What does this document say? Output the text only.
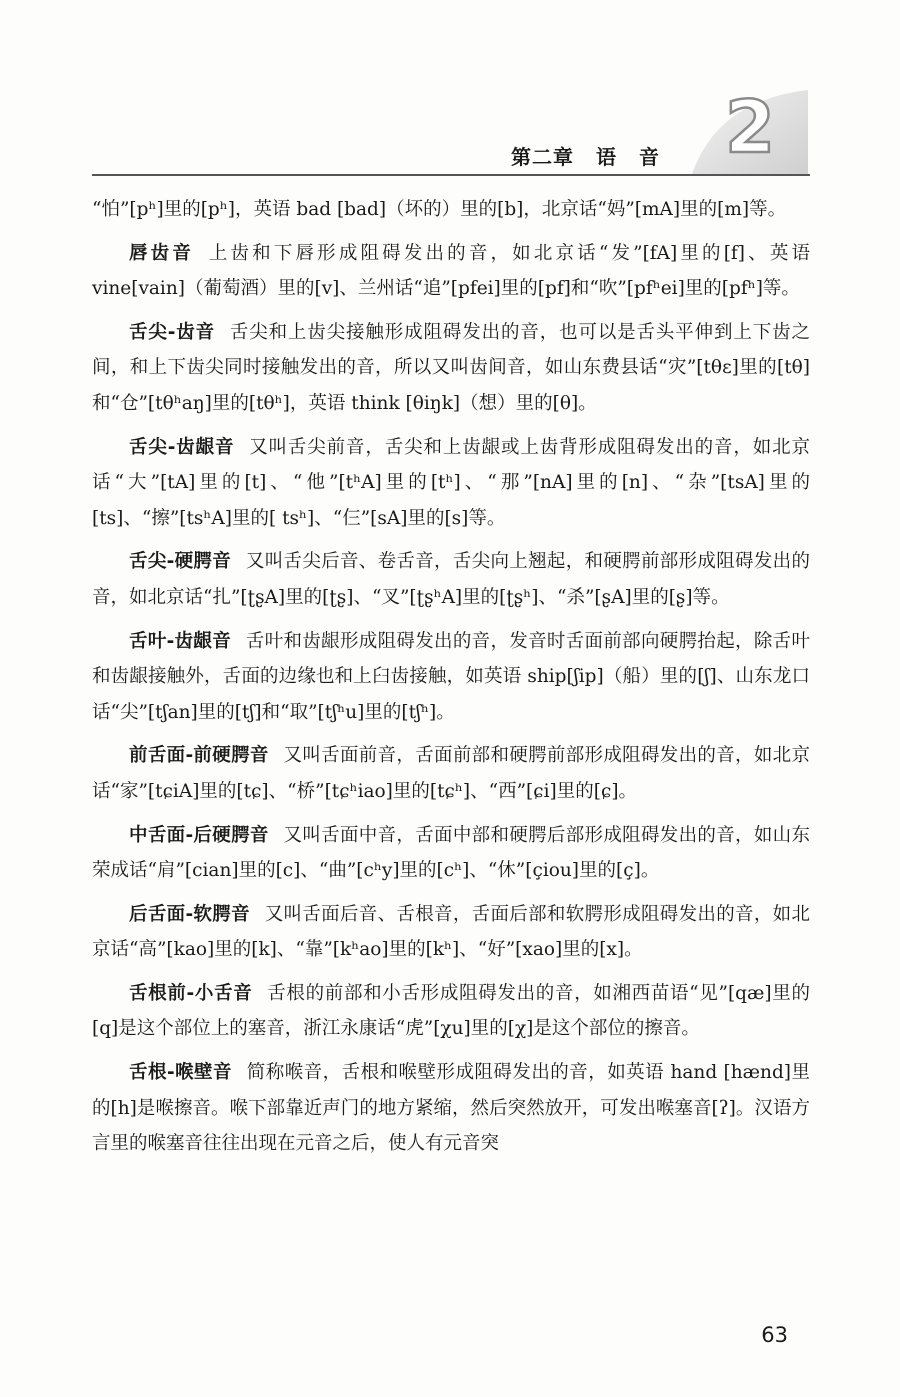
第二章 语 音 2

“怕”[pʰ]里的[pʰ]，英语 bad [bad]（坏的）里的[b]，北京话“妈”[mA]里的[m]等。

唇齿音 上齿和下唇形成阻碍发出的音，如北京话“发”[fA]里的[f]、英语 vine[vain]（葡萄酒）里的[v]、兰州话“追”[pfei]里的[pf]和“吹”[pfʰei]里的[pfʰ]等。

舌尖-齿音 舌尖和上齿尖接触形成阻碍发出的音，也可以是舌头平伸到上下齿之间，和上下齿尖同时接触发出的音，所以又叫齿间音，如山东费县话“灾”[tθɛ]里的[tθ]和“仓”[tθʰaŋ]里的[tθʰ]，英语 think [θiŋk]（想）里的[θ]。

舌尖-齿龈音 又叫舌尖前音，舌尖和上齿龈或上齿背形成阻碍发出的音，如北京话“大”[tA]里的[t]、“他”[tʰA]里的[tʰ]、“那”[nA]里的[n]、“杂”[tsA]里的[ts]、“擦”[tsʰA]里的[ tsʰ]、“仨”[sA]里的[s]等。

舌尖-硬腭音 又叫舌尖后音、卷舌音，舌尖向上翘起，和硬腭前部形成阻碍发出的音，如北京话“扎”[ʈʂA]里的[ʈʂ]、“叉”[ʈʂʰA]里的[ʈʂʰ]、“杀”[ʂA]里的[ʂ]等。

舌叶-齿龈音 舌叶和齿龈形成阻碍发出的音，发音时舌面前部向硬腭抬起，除舌叶和齿龈接触外，舌面的边缘也和上臼齿接触，如英语 ship[ʃip]（船）里的[ʃ]、山东龙口话“尖”[tʃan]里的[tʃ]和“取”[tʃʰu]里的[tʃʰ]。

前舌面-前硬腭音 又叫舌面前音，舌面前部和硬腭前部形成阻碍发出的音，如北京话“家”[tɕiA]里的[tɕ]、“桥”[tɕʰiao]里的[tɕʰ]、“西”[ɕi]里的[ɕ]。

中舌面-后硬腭音 又叫舌面中音，舌面中部和硬腭后部形成阻碍发出的音，如山东荣成话“肩”[cian]里的[c]、“曲”[cʰy]里的[cʰ]、“休”[çiou]里的[ç]。

后舌面-软腭音 又叫舌面后音、舌根音，舌面后部和软腭形成阻碍发出的音，如北京话“高”[kao]里的[k]、“靠”[kʰao]里的[kʰ]、“好”[xao]里的[x]。

舌根前-小舌音 舌根的前部和小舌形成阻碍发出的音，如湘西苗语“见”[qæ]里的[q]是这个部位上的塞音，浙江永康话“虎”[χu]里的[χ]是这个部位的擦音。

舌根-喉壁音 简称喉音，舌根和喉壁形成阻碍发出的音，如英语 hand [hænd]里的[h]是喉擦音。喉下部靠近声门的地方紧缩，然后突然放开，可发出喉塞音[ʔ]。汉语方言里的喉塞音往往出现在元音之后，使人有元音突

63
